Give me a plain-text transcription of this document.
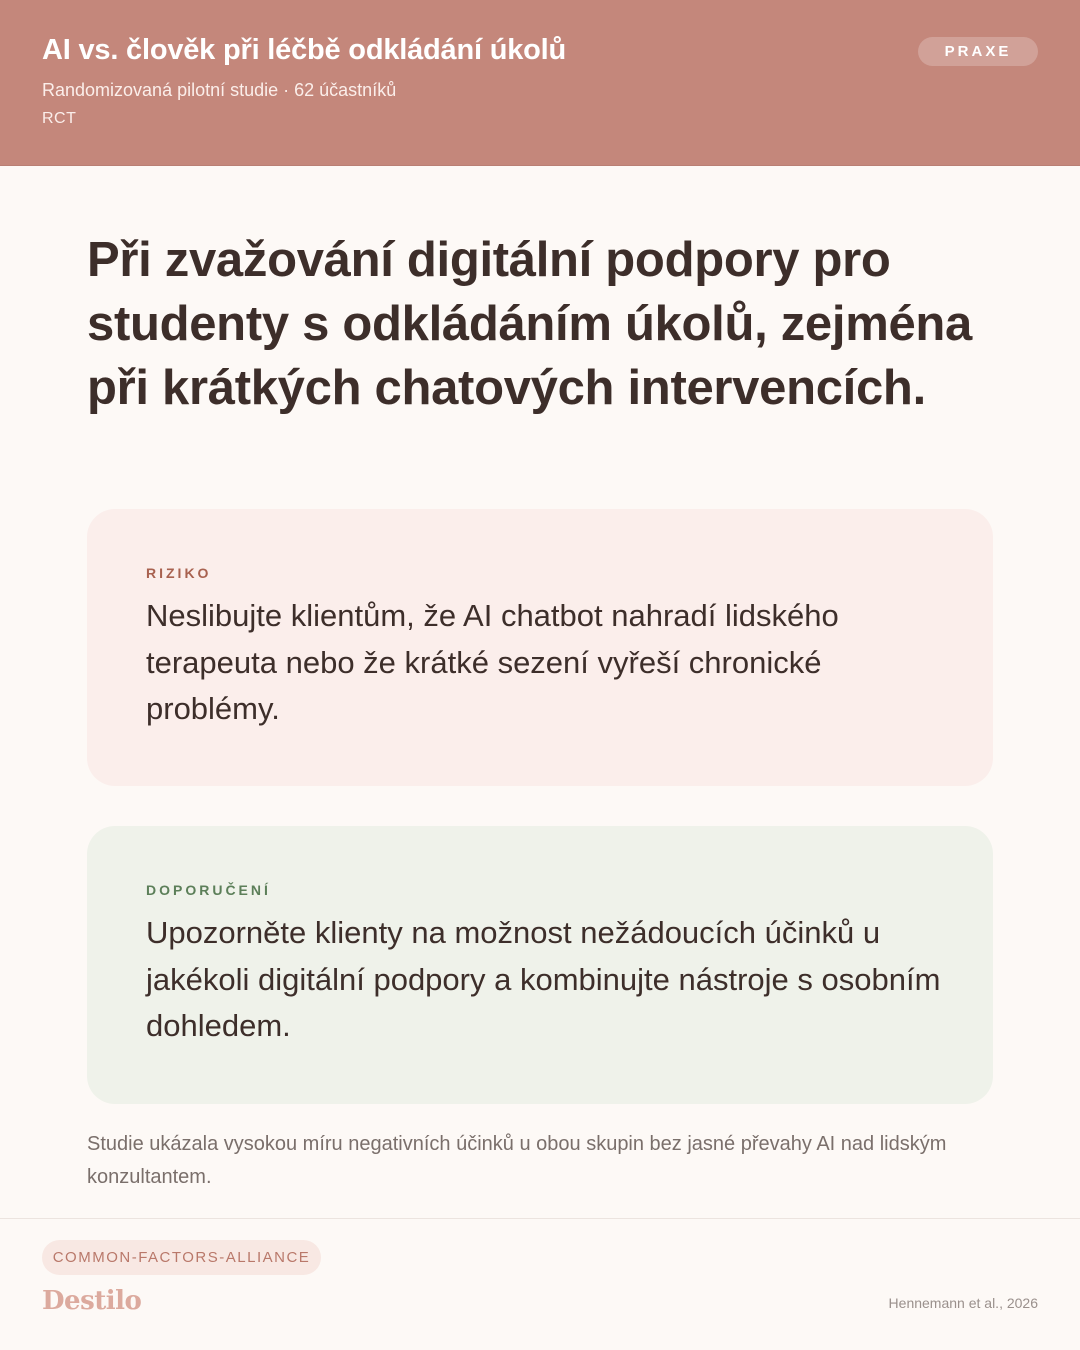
AI vs. člověk při léčbě odkládání úkolů
Randomizovaná pilotní studie · 62 účastníků
RCT
PRAXE
Při zvažování digitální podpory pro studenty s odkládáním úkolů, zejména při krátkých chatových intervencích.
RIZIKO

Neslibujte klientům, že AI chatbot nahradí lidského terapeuta nebo že krátké sezení vyřeší chronické problémy.

DOPORUČENÍ

Upozorněte klienty na možnost nežádoucích účinků u jakékoli digitální podpory a kombinujte nástroje s osobním dohledem.

Studie ukázala vysokou míru negativních účinků u obou skupin bez jasné převahy AI nad lidským konzultantem.

COMMON-FACTORS-ALLIANCE
Destilo	Hennemann et al., 2026
